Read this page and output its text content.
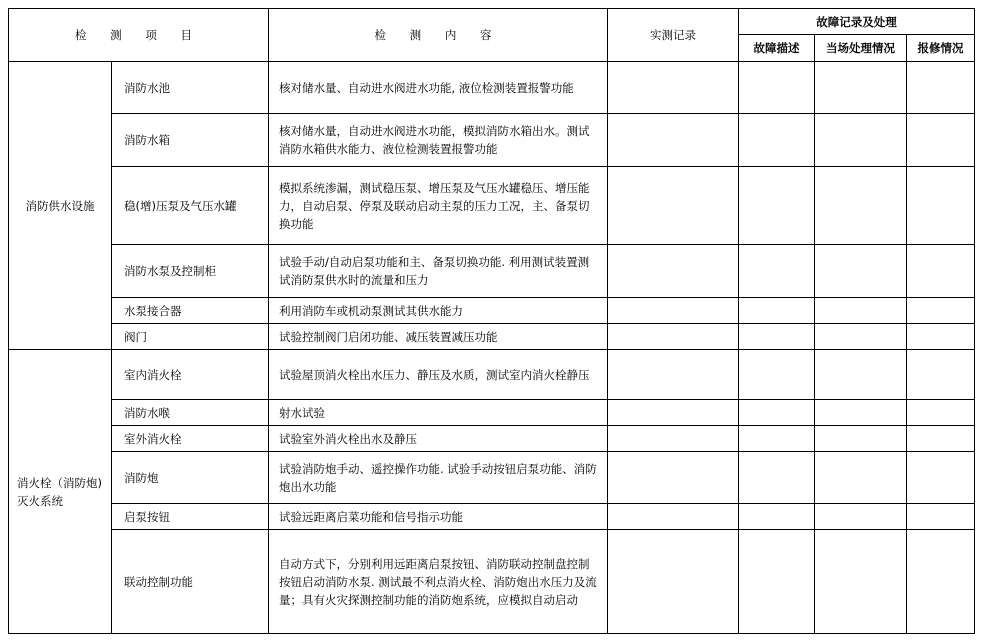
检 测 项 目		检 测 内 容	实测记录	故障记录及处理		
				故障描述	当场处理情况	报修情况
消防供水设施	消防水池	核对储水量、自动进水阀进水功能, 液位检测装置报警功能				
	消防水箱	核对储水量，自动进水阀进水功能，模拟消防水箱出水。测试消防水箱供水能力、液位检测装置报警功能				
	稳(增)压泵及气压水罐	模拟系统渗漏，测试稳压泵、增压泵及气压水罐稳压、增压能力，自动启泵、停泵及联动启动主泵的压力工况，主、备泵切换功能				
	消防水泵及控制柜	试验手动/自动启泵功能和主、备泵切换功能. 利用测试装置测试消防泵供水时的流量和压力				
	水泵接合器	利用消防车或机动泵测试其供水能力				
	阀门	试验控制阀门启闭功能、减压装置减压功能				
消火栓（消防炮)灭火系统	室内消火栓	试验屋顶消火栓出水压力、静压及水质，测试室内消火栓静压				
	消防水喉	射水试验				
	室外消火栓	试验室外消火栓出水及静压				
	消防炮	试验消防炮手动、遥控操作功能. 试验手动按钮启泵功能、消防炮出水功能				
	启泵按钮	试验远距离启菜功能和信号指示功能				
	联动控制功能	自动方式下，分别利用远距离启泵按钮、消防联动控制盘控制按钮启动消防水泵. 测试最不利点消火栓、消防炮出水压力及流量；具有火灾探测控制功能的消防炮系统，应模拟自动启动				
